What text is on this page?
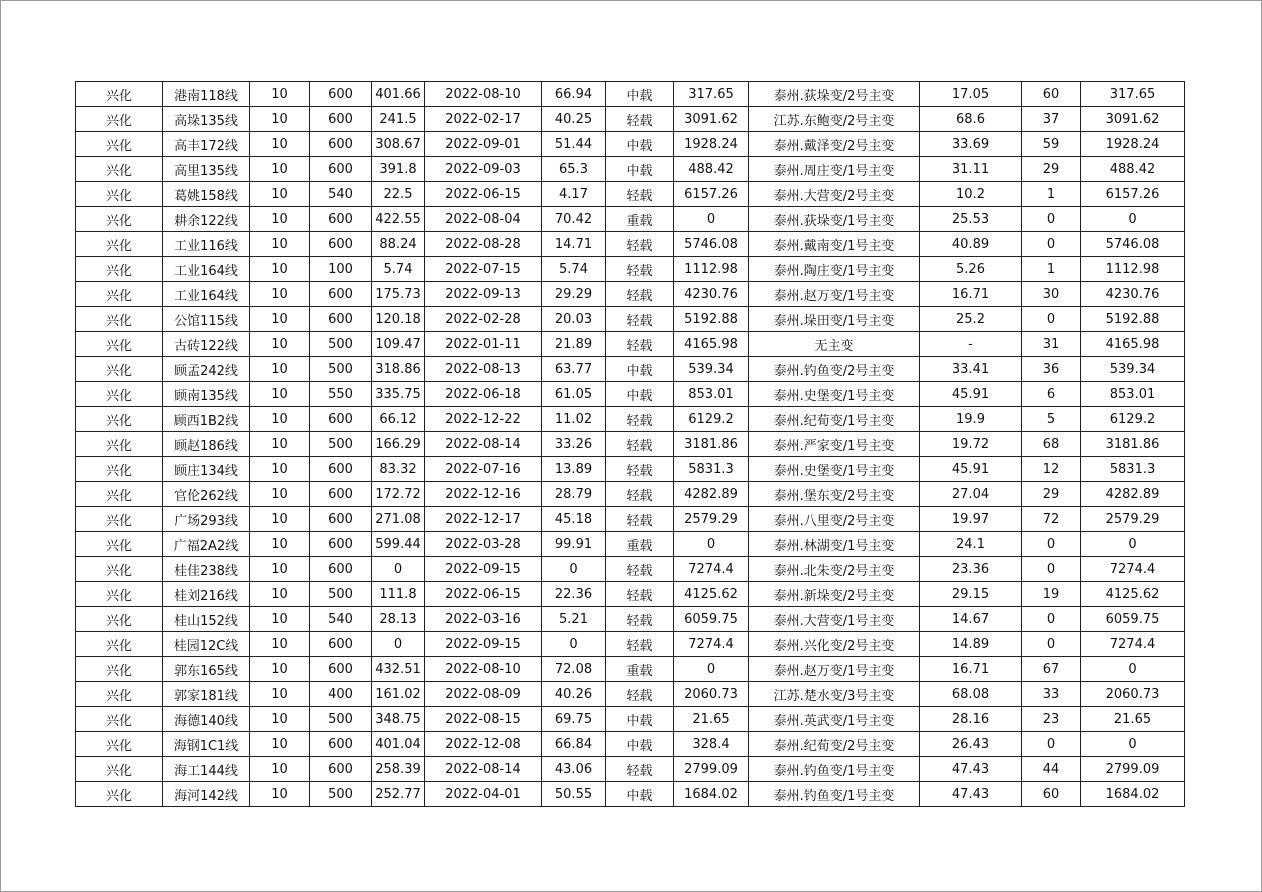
兴化	港南118线	10	600	401.66	2022-08-10	66.94	中载	317.65	泰州.荻垛变/2号主变	17.05	60	317.65
兴化	高垛135线	10	600	241.5	2022-02-17	40.25	轻载	3091.62	江苏.东鲍变/2号主变	68.6	37	3091.62
兴化	高丰172线	10	600	308.67	2022-09-01	51.44	中载	1928.24	泰州.戴泽变/2号主变	33.69	59	1928.24
兴化	高里135线	10	600	391.8	2022-09-03	65.3	中载	488.42	泰州.周庄变/1号主变	31.11	29	488.42
兴化	葛姚158线	10	540	22.5	2022-06-15	4.17	轻载	6157.26	泰州.大营变/2号主变	10.2	1	6157.26
兴化	耕余122线	10	600	422.55	2022-08-04	70.42	重载	0	泰州.荻垛变/1号主变	25.53	0	0
兴化	工业116线	10	600	88.24	2022-08-28	14.71	轻载	5746.08	泰州.戴南变/1号主变	40.89	0	5746.08
兴化	工业164线	10	100	5.74	2022-07-15	5.74	轻载	1112.98	泰州.陶庄变/1号主变	5.26	1	1112.98
兴化	工业164线	10	600	175.73	2022-09-13	29.29	轻载	4230.76	泰州.赵万变/1号主变	16.71	30	4230.76
兴化	公馆115线	10	600	120.18	2022-02-28	20.03	轻载	5192.88	泰州.垛田变/1号主变	25.2	0	5192.88
兴化	古砖122线	10	500	109.47	2022-01-11	21.89	轻载	4165.98	无主变	-	31	4165.98
兴化	顾孟242线	10	500	318.86	2022-08-13	63.77	中载	539.34	泰州.钓鱼变/2号主变	33.41	36	539.34
兴化	顾南135线	10	550	335.75	2022-06-18	61.05	中载	853.01	泰州.史堡变/1号主变	45.91	6	853.01
兴化	顾西1B2线	10	600	66.12	2022-12-22	11.02	轻载	6129.2	泰州.纪荀变/1号主变	19.9	5	6129.2
兴化	顾赵186线	10	500	166.29	2022-08-14	33.26	轻载	3181.86	泰州.严家变/1号主变	19.72	68	3181.86
兴化	顾庄134线	10	600	83.32	2022-07-16	13.89	轻载	5831.3	泰州.史堡变/1号主变	45.91	12	5831.3
兴化	官伦262线	10	600	172.72	2022-12-16	28.79	轻载	4282.89	泰州.堡东变/2号主变	27.04	29	4282.89
兴化	广场293线	10	600	271.08	2022-12-17	45.18	轻载	2579.29	泰州.八里变/2号主变	19.97	72	2579.29
兴化	广福2A2线	10	600	599.44	2022-03-28	99.91	重载	0	泰州.林湖变/1号主变	24.1	0	0
兴化	桂佳238线	10	600	0	2022-09-15	0	轻载	7274.4	泰州.北朱变/2号主变	23.36	0	7274.4
兴化	桂刘216线	10	500	111.8	2022-06-15	22.36	轻载	4125.62	泰州.新垛变/2号主变	29.15	19	4125.62
兴化	桂山152线	10	540	28.13	2022-03-16	5.21	轻载	6059.75	泰州.大营变/1号主变	14.67	0	6059.75
兴化	桂园12C线	10	600	0	2022-09-15	0	轻载	7274.4	泰州.兴化变/2号主变	14.89	0	7274.4
兴化	郭东165线	10	600	432.51	2022-08-10	72.08	重载	0	泰州.赵万变/1号主变	16.71	67	0
兴化	郭家181线	10	400	161.02	2022-08-09	40.26	轻载	2060.73	江苏.楚水变/3号主变	68.08	33	2060.73
兴化	海德140线	10	500	348.75	2022-08-15	69.75	中载	21.65	泰州.英武变/1号主变	28.16	23	21.65
兴化	海钢1C1线	10	600	401.04	2022-12-08	66.84	中载	328.4	泰州.纪荀变/2号主变	26.43	0	0
兴化	海工144线	10	600	258.39	2022-08-14	43.06	轻载	2799.09	泰州.钓鱼变/1号主变	47.43	44	2799.09
兴化	海河142线	10	500	252.77	2022-04-01	50.55	中载	1684.02	泰州.钓鱼变/1号主变	47.43	60	1684.02
